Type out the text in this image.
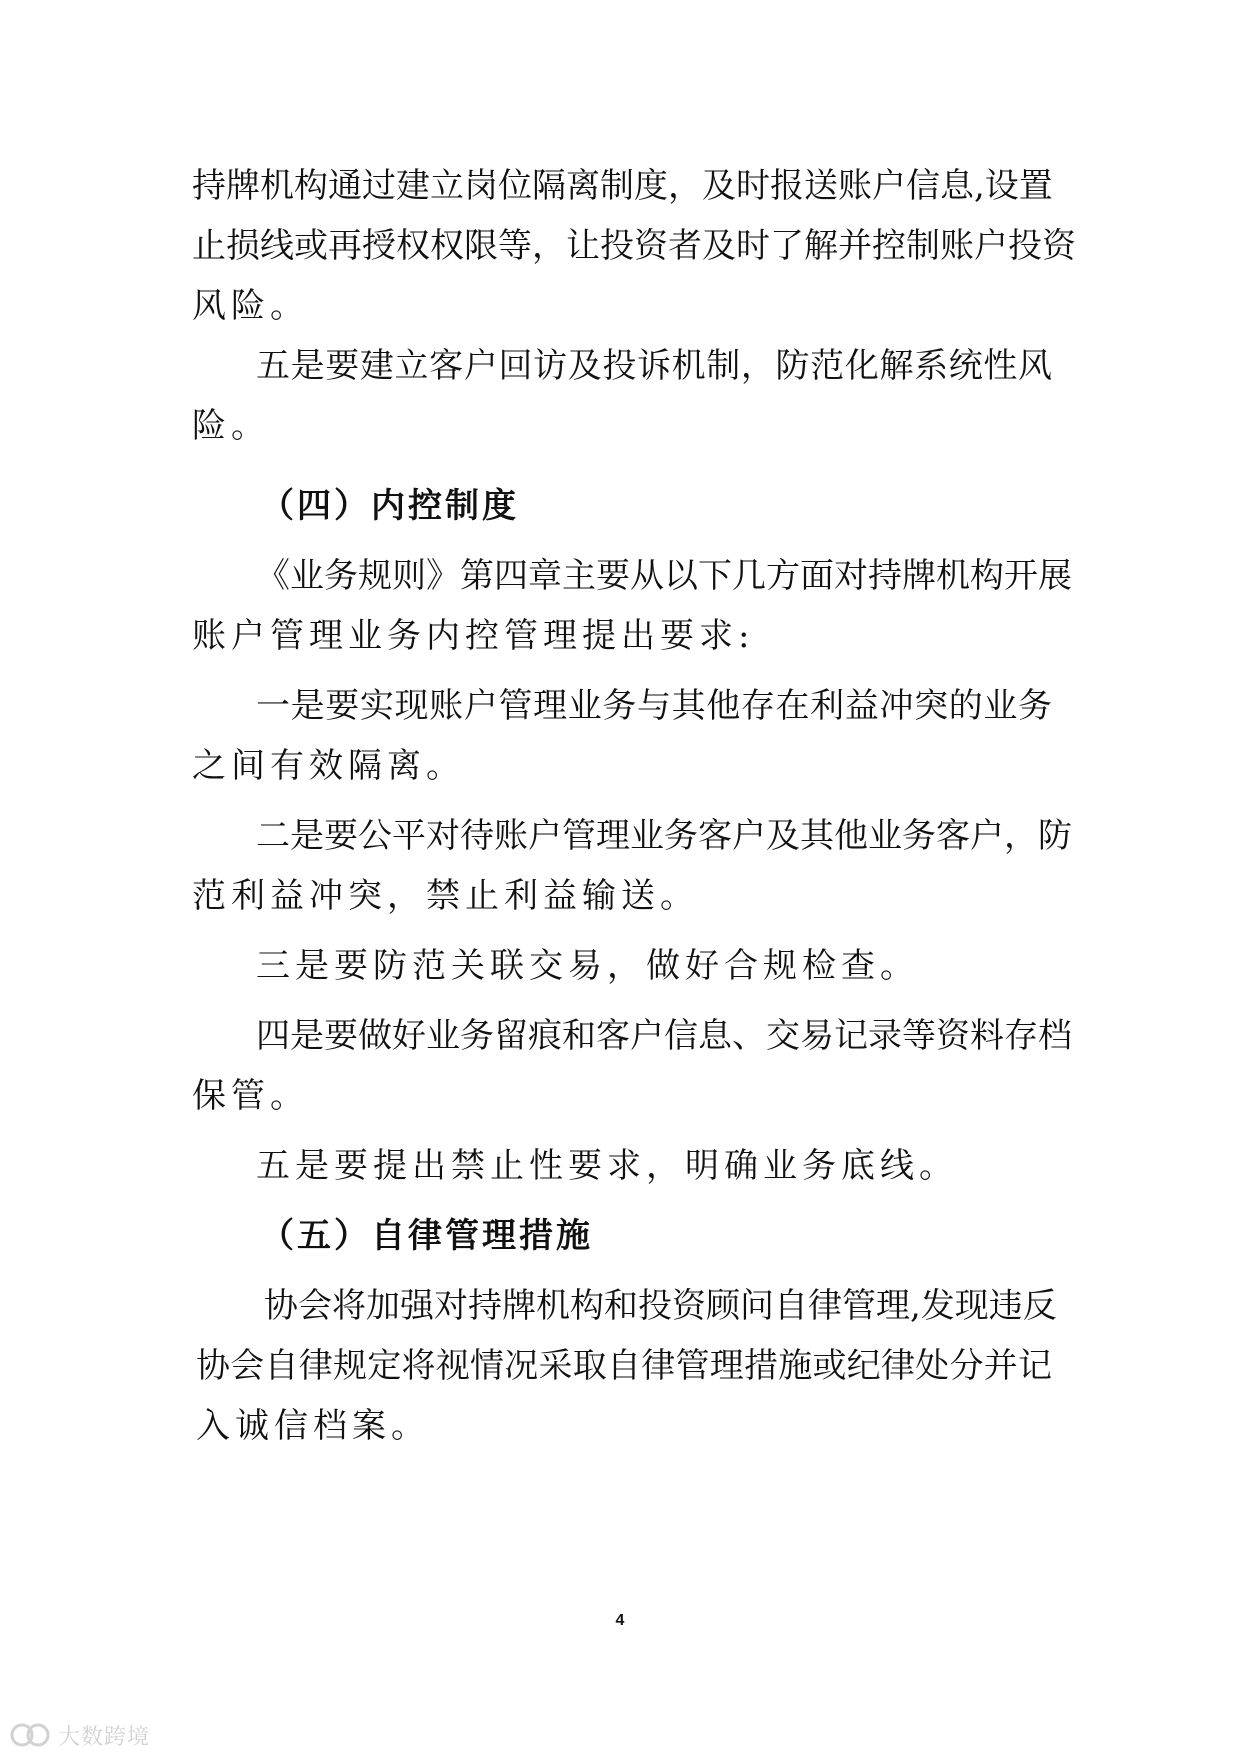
持牌机构通过建立岗位隔离制度，及时报送账户信息,设置
止损线或再授权权限等，让投资者及时了解并控制账户投资
风险。
五是要建立客户回访及投诉机制，防范化解系统性风
险。
（四）内控制度
《业务规则》第四章主要从以下几方面对持牌机构开展
账户管理业务内控管理提出要求:
一是要实现账户管理业务与其他存在利益冲突的业务
之间有效隔离。
二是要公平对待账户管理业务客户及其他业务客户，防
范利益冲突，禁止利益输送。
三是要防范关联交易，做好合规检查。
四是要做好业务留痕和客户信息、交易记录等资料存档
保管。
五是要提出禁止性要求，明确业务底线。
（五）自律管理措施
协会将加强对持牌机构和投资顾问自律管理,发现违反
协会自律规定将视情况采取自律管理措施或纪律处分并记
入诚信档案。
4
大数跨境
